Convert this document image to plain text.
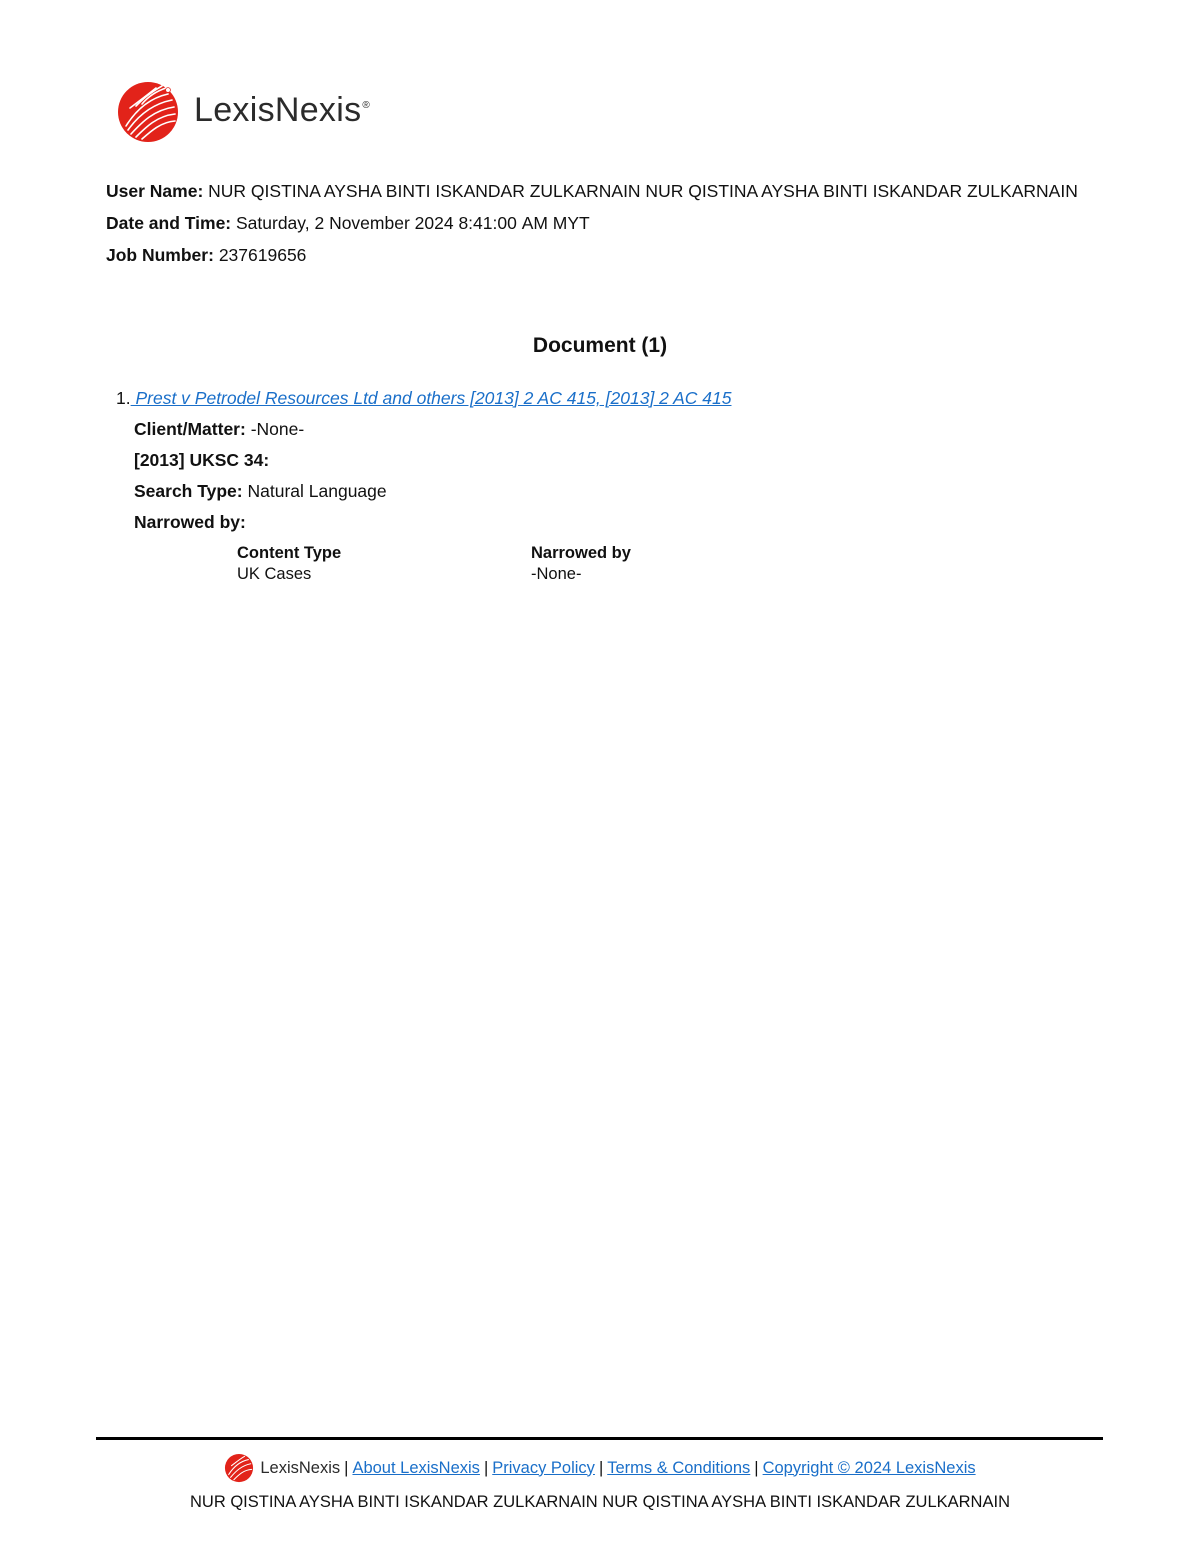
LexisNexis®
User Name: NUR QISTINA AYSHA BINTI ISKANDAR ZULKARNAIN NUR QISTINA AYSHA BINTI ISKANDAR ZULKARNAIN
Date and Time: Saturday, 2 November 2024 8:41:00 AM MYT
Job Number: 237619656
Document (1)
1. Prest v Petrodel Resources Ltd and others [2013] 2 AC 415, [2013] 2 AC 415
Client/Matter: -None-
[2013] UKSC 34:
Search Type: Natural Language
Narrowed by:
Content Type	Narrowed by
UK Cases	-None-
LexisNexis | About LexisNexis | Privacy Policy | Terms & Conditions | Copyright © 2024 LexisNexis
NUR QISTINA AYSHA BINTI ISKANDAR ZULKARNAIN NUR QISTINA AYSHA BINTI ISKANDAR ZULKARNAIN
